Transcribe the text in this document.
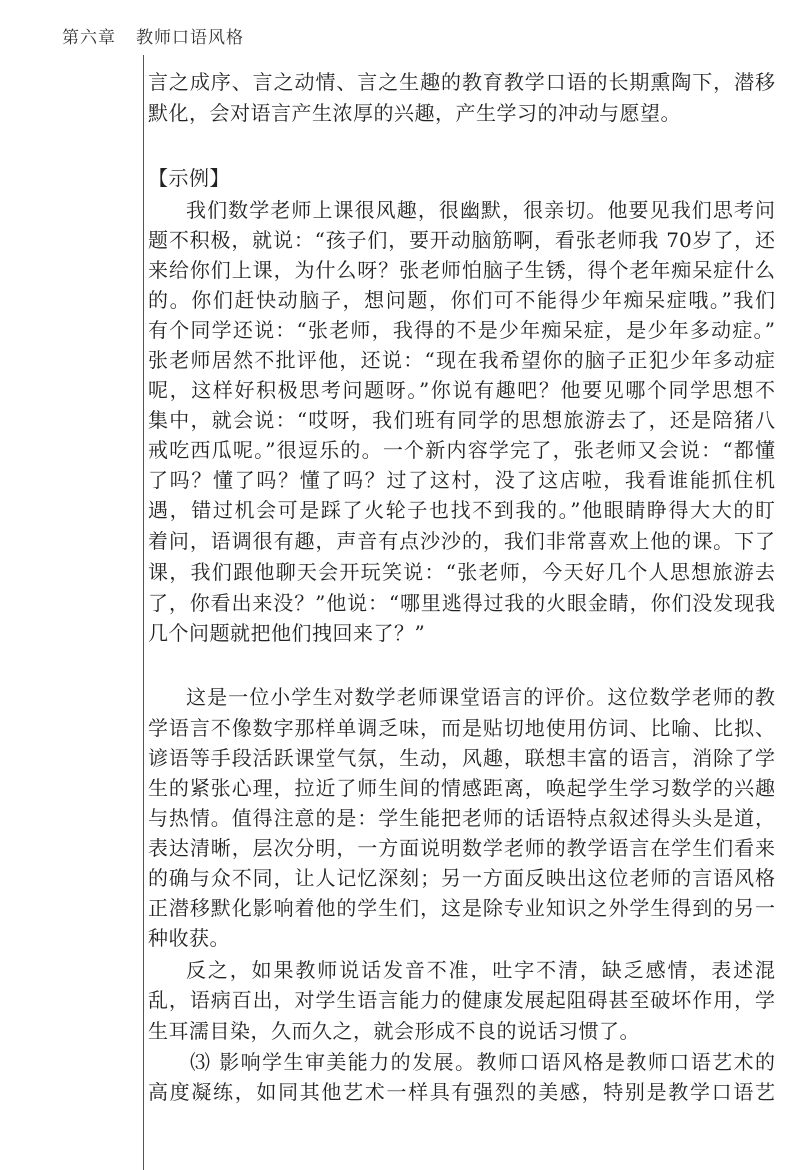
第六章 教师口语风格
言之成序、言之动情、言之生趣的教育教学口语的长期熏陶下，潜移
默化，会对语言产生浓厚的兴趣，产生学习的冲动与愿望。
【示例】
我们数学老师上课很风趣，很幽默，很亲切。他要见我们思考问
题不积极，就说：“孩子们，要开动脑筋啊，看张老师我 70岁了，还
来给你们上课，为什么呀？张老师怕脑子生锈，得个老年痴呆症什么
的。你们赶快动脑子，想问题，你们可不能得少年痴呆症哦。”我们
有个同学还说：“张老师，我得的不是少年痴呆症，是少年多动症。”
张老师居然不批评他，还说：“现在我希望你的脑子正犯少年多动症
呢，这样好积极思考问题呀。”你说有趣吧？他要见哪个同学思想不
集中，就会说：“哎呀，我们班有同学的思想旅游去了，还是陪猪八
戒吃西瓜呢。”很逗乐的。一个新内容学完了，张老师又会说：“都懂
了吗？懂了吗？懂了吗？过了这村，没了这店啦，我看谁能抓住机
遇，错过机会可是踩了火轮子也找不到我的。”他眼睛睁得大大的盯
着问，语调很有趣，声音有点沙沙的，我们非常喜欢上他的课。下了
课，我们跟他聊天会开玩笑说：“张老师，今天好几个人思想旅游去
了，你看出来没？”他说：“哪里逃得过我的火眼金睛，你们没发现我
几个问题就把他们拽回来了？”
这是一位小学生对数学老师课堂语言的评价。这位数学老师的教
学语言不像数字那样单调乏味，而是贴切地使用仿词、比喻、比拟、
谚语等手段活跃课堂气氛，生动，风趣，联想丰富的语言，消除了学
生的紧张心理，拉近了师生间的情感距离，唤起学生学习数学的兴趣
与热情。值得注意的是：学生能把老师的话语特点叙述得头头是道，
表达清晰，层次分明，一方面说明数学老师的教学语言在学生们看来
的确与众不同，让人记忆深刻；另一方面反映出这位老师的言语风格
正潜移默化影响着他的学生们，这是除专业知识之外学生得到的另一
种收获。
反之，如果教师说话发音不准，吐字不清，缺乏感情，表述混
乱，语病百出，对学生语言能力的健康发展起阻碍甚至破坏作用，学
生耳濡目染，久而久之，就会形成不良的说话习惯了。
⑶ 影响学生审美能力的发展。教师口语风格是教师口语艺术的
高度凝练，如同其他艺术一样具有强烈的美感，特别是教学口语艺
